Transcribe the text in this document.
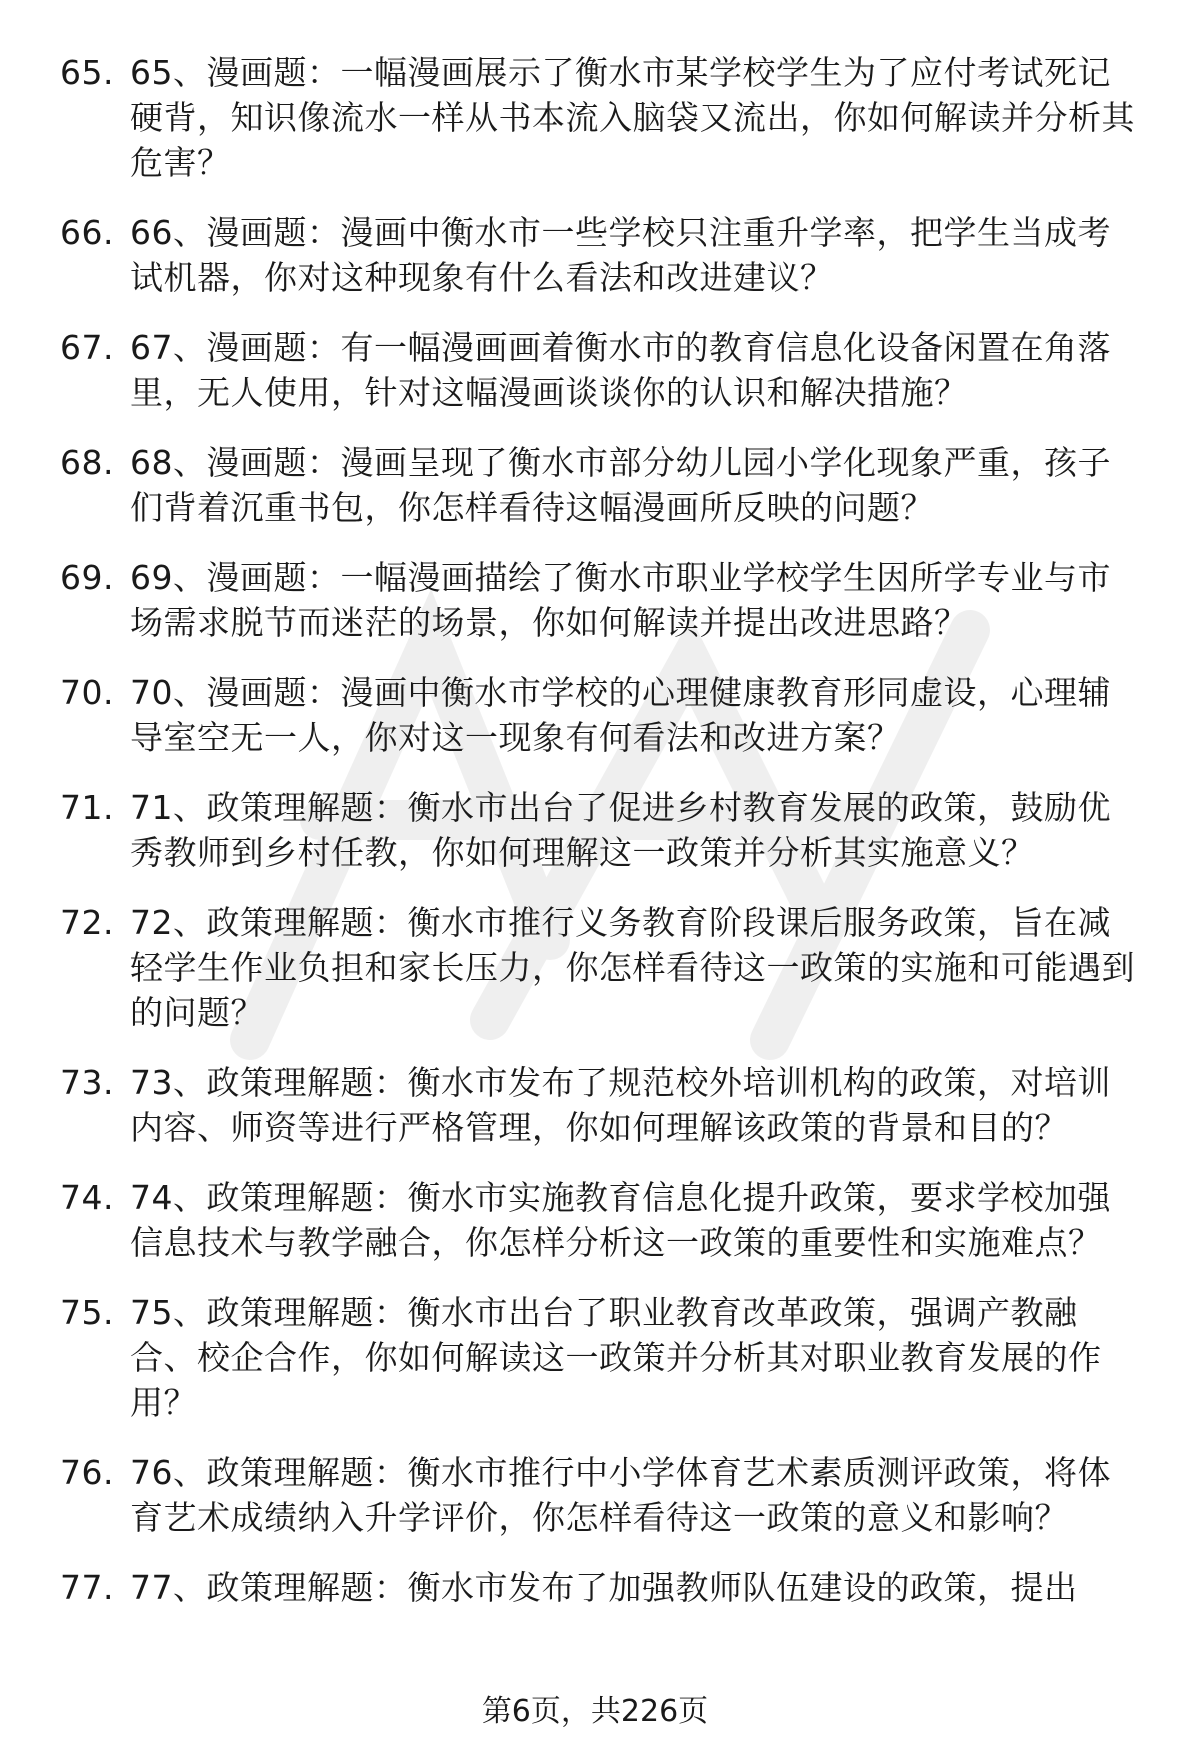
65. 65、漫画题：一幅漫画展示了衡水市某学校学生为了应付考试死记硬背，知识像流水一样从书本流入脑袋又流出，你如何解读并分析其危害？
66. 66、漫画题：漫画中衡水市一些学校只注重升学率，把学生当成考试机器，你对这种现象有什么看法和改进建议？
67. 67、漫画题：有一幅漫画画着衡水市的教育信息化设备闲置在角落里，无人使用，针对这幅漫画谈谈你的认识和解决措施？
68. 68、漫画题：漫画呈现了衡水市部分幼儿园小学化现象严重，孩子们背着沉重书包，你怎样看待这幅漫画所反映的问题？
69. 69、漫画题：一幅漫画描绘了衡水市职业学校学生因所学专业与市场需求脱节而迷茫的场景，你如何解读并提出改进思路？
70. 70、漫画题：漫画中衡水市学校的心理健康教育形同虚设，心理辅导室空无一人，你对这一现象有何看法和改进方案？
71. 71、政策理解题：衡水市出台了促进乡村教育发展的政策，鼓励优秀教师到乡村任教，你如何理解这一政策并分析其实施意义？
72. 72、政策理解题：衡水市推行义务教育阶段课后服务政策，旨在减轻学生作业负担和家长压力，你怎样看待这一政策的实施和可能遇到的问题？
73. 73、政策理解题：衡水市发布了规范校外培训机构的政策，对培训内容、师资等进行严格管理，你如何理解该政策的背景和目的？
74. 74、政策理解题：衡水市实施教育信息化提升政策，要求学校加强信息技术与教学融合，你怎样分析这一政策的重要性和实施难点？
75. 75、政策理解题：衡水市出台了职业教育改革政策，强调产教融合、校企合作，你如何解读这一政策并分析其对职业教育发展的作用？
76. 76、政策理解题：衡水市推行中小学体育艺术素质测评政策，将体育艺术成绩纳入升学评价，你怎样看待这一政策的意义和影响？
77. 77、政策理解题：衡水市发布了加强教师队伍建设的政策，提出
第6页，共226页
